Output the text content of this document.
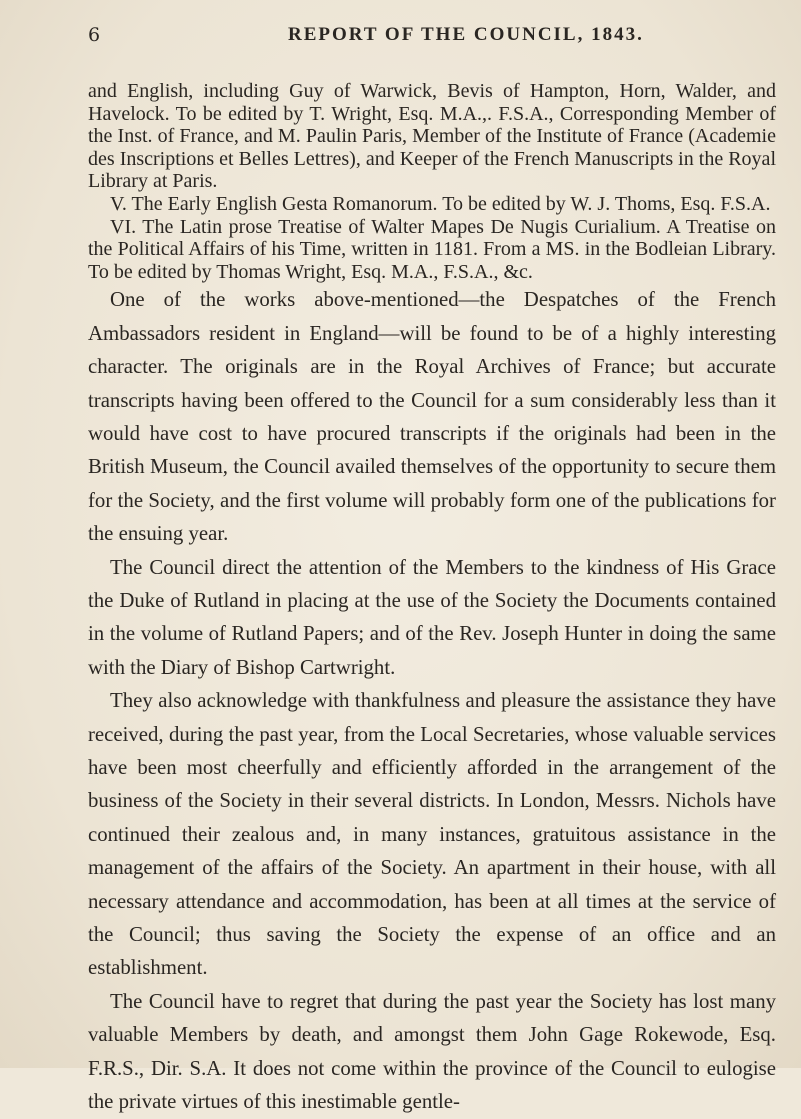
6	REPORT OF THE COUNCIL, 1843.

and English, including Guy of Warwick, Bevis of Hampton, Horn, Walder, and Havelock. To be edited by T. Wright, Esq. M.A.,. F.S.A., Corresponding Member of the Inst. of France, and M. Paulin Paris, Member of the Institute of France (Academie des Inscriptions et Belles Lettres), and Keeper of the French Manuscripts in the Royal Library at Paris.

V. The Early English Gesta Romanorum. To be edited by W. J. Thoms, Esq. F.S.A.

VI. The Latin prose Treatise of Walter Mapes De Nugis Curialium. A Treatise on the Political Affairs of his Time, written in 1181. From a MS. in the Bodleian Library. To be edited by Thomas Wright, Esq. M.A., F.S.A., &c.

One of the works above-mentioned—the Despatches of the French Ambassadors resident in England—will be found to be of a highly interesting character. The originals are in the Royal Archives of France; but accurate transcripts having been offered to the Council for a sum considerably less than it would have cost to have procured transcripts if the originals had been in the British Museum, the Council availed themselves of the opportunity to secure them for the Society, and the first volume will probably form one of the publications for the ensuing year.

The Council direct the attention of the Members to the kindness of His Grace the Duke of Rutland in placing at the use of the Society the Documents contained in the volume of Rutland Papers; and of the Rev. Joseph Hunter in doing the same with the Diary of Bishop Cartwright.

They also acknowledge with thankfulness and pleasure the assistance they have received, during the past year, from the Local Secretaries, whose valuable services have been most cheerfully and efficiently afforded in the arrangement of the business of the Society in their several districts. In London, Messrs. Nichols have continued their zealous and, in many instances, gratuitous assistance in the management of the affairs of the Society. An apartment in their house, with all necessary attendance and accommodation, has been at all times at the service of the Council; thus saving the Society the expense of an office and an establishment.

The Council have to regret that during the past year the Society has lost many valuable Members by death, and amongst them John Gage Rokewode, Esq. F.R.S., Dir. S.A. It does not come within the province of the Council to eulogise the private virtues of this inestimable gentle-
